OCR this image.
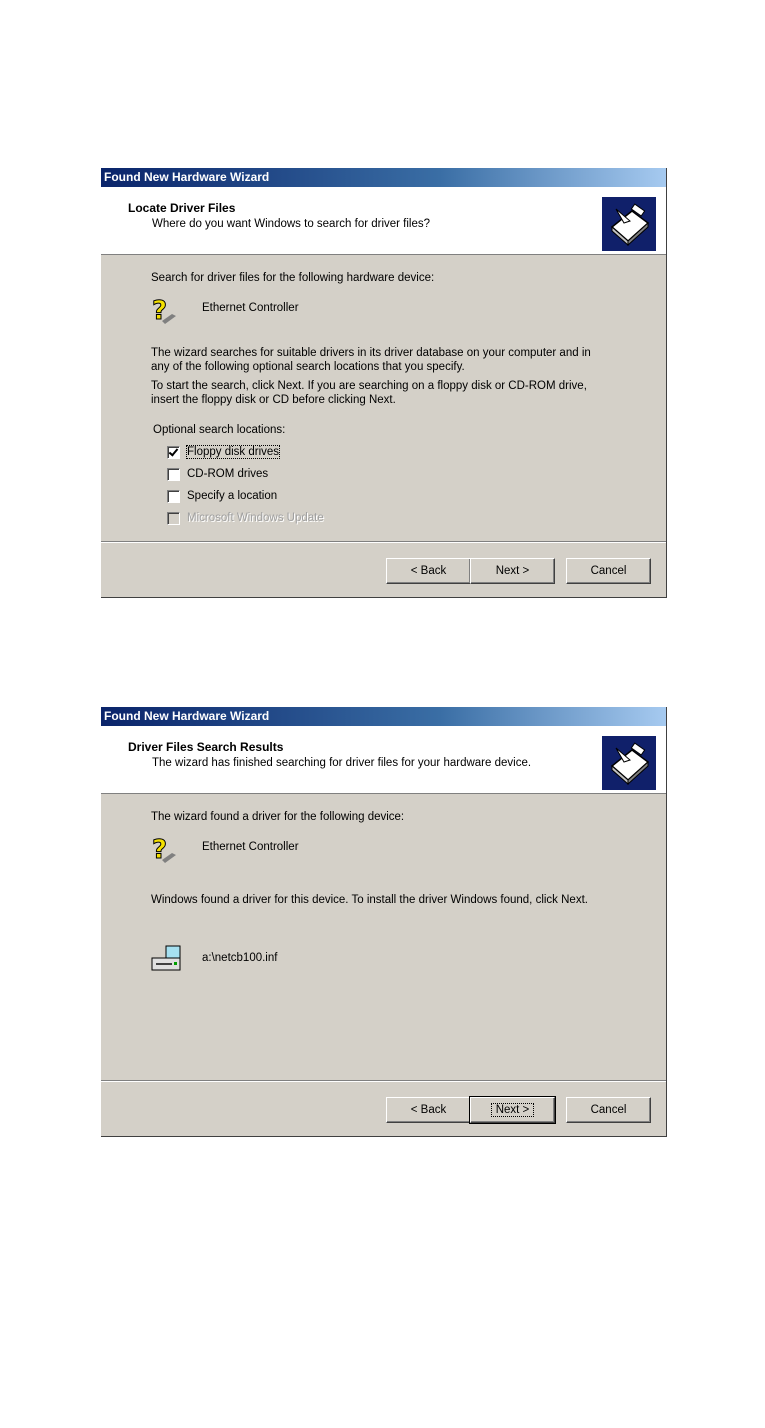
Found New Hardware Wizard
Locate Driver Files
Where do you want Windows to search for driver files?
Search for driver files for the following hardware device:
?	Ethernet Controller
The wizard searches for suitable drivers in its driver database on your computer and in
any of the following optional search locations that you specify.
To start the search, click Next. If you are searching on a floppy disk or CD-ROM drive,
insert the floppy disk or CD before clicking Next.
Optional search locations:
Floppy disk drives
CD-ROM drives
Specify a location
Microsoft Windows Update
< Back	Next >	Cancel
Found New Hardware Wizard
Driver Files Search Results
The wizard has finished searching for driver files for your hardware device.
The wizard found a driver for the following device:
?	Ethernet Controller
Windows found a driver for this device. To install the driver Windows found, click Next.
a:\netcb100.inf
< Back	Next >	Cancel
